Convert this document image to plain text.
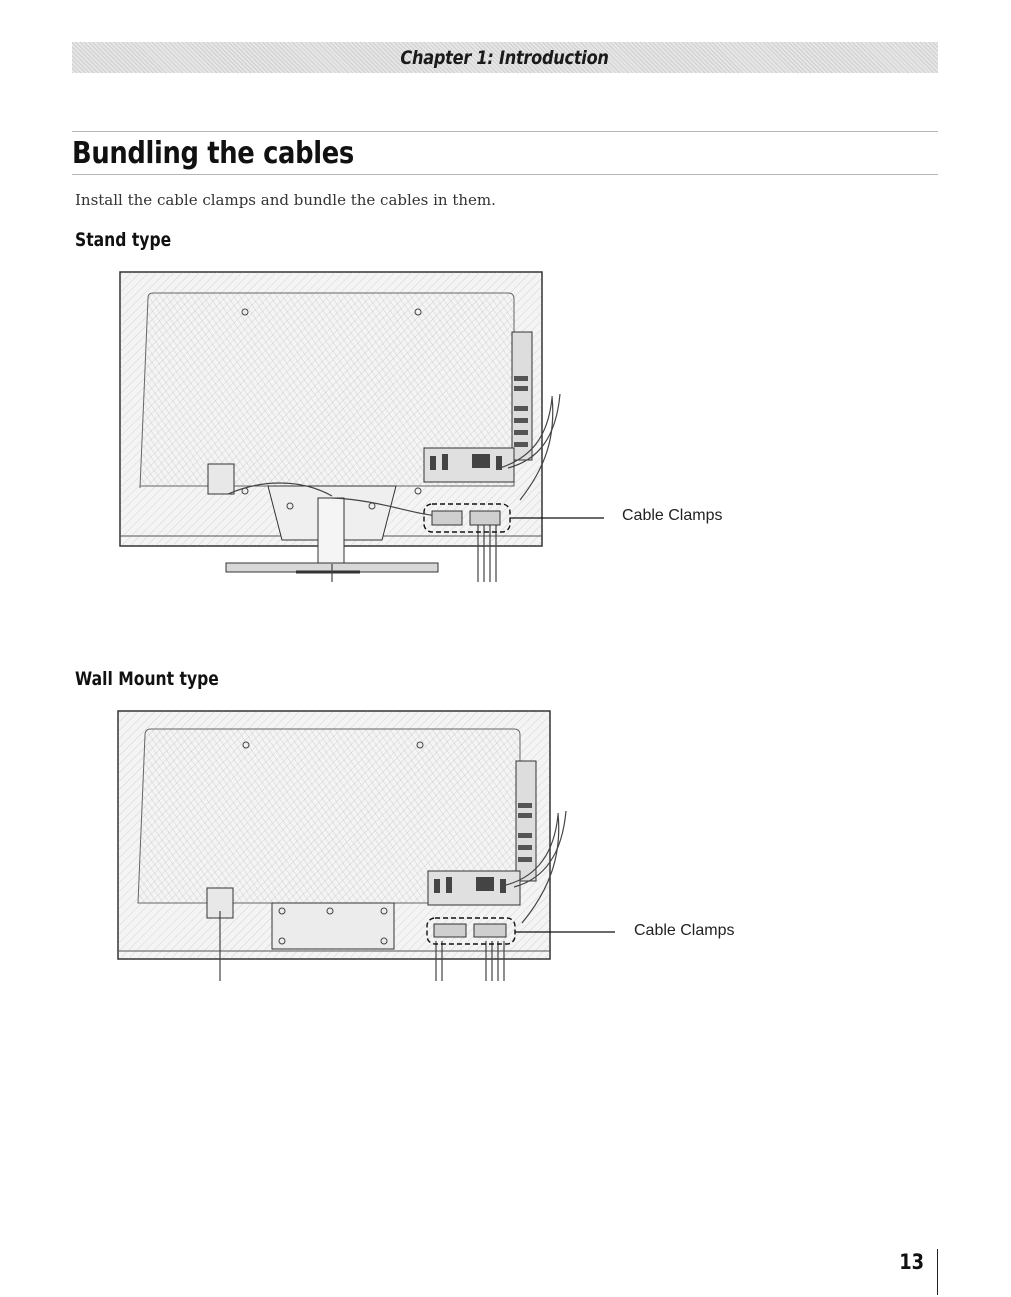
Chapter 1: Introduction
Bundling the cables

Install the cable clamps and bundle the cables in them.

Stand type
Cable Clamps
Wall Mount type
Cable Clamps
13
